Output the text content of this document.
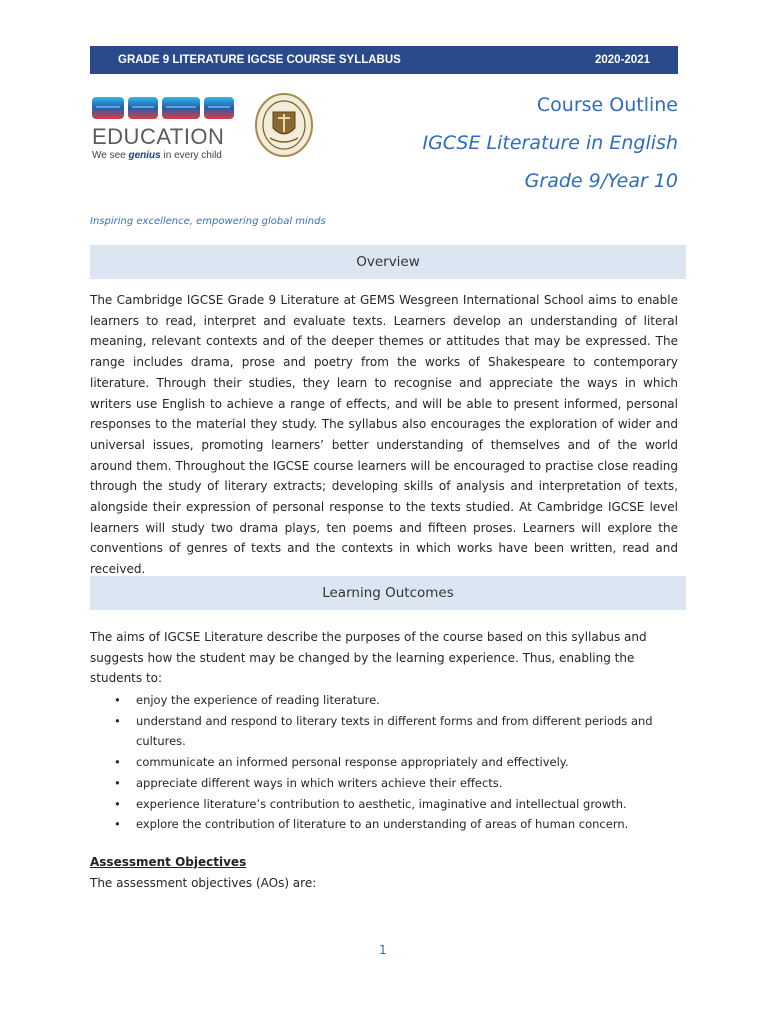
GRADE 9 LITERATURE IGCSE COURSE SYLLABUS	2020-2021
EDUCATION
We see genius in every child
Course Outline
IGCSE Literature in English
Grade 9/Year 10
Inspiring excellence, empowering global minds
Overview

The Cambridge IGCSE Grade 9 Literature at GEMS Wesgreen International School aims to enable learners to read, interpret and evaluate texts. Learners develop an understanding of literal meaning, relevant contexts and of the deeper themes or attitudes that may be expressed. The range includes drama, prose and poetry from the works of Shakespeare to contemporary literature. Through their studies, they learn to recognise and appreciate the ways in which writers use English to achieve a range of effects, and will be able to present informed, personal responses to the material they study. The syllabus also encourages the exploration of wider and universal issues, promoting learners’ better understanding of themselves and of the world around them. Throughout the IGCSE course learners will be encouraged to practise close reading through the study of literary extracts; developing skills of analysis and interpretation of texts, alongside their expression of personal response to the texts studied. At Cambridge IGCSE level learners will study two drama plays, ten poems and fifteen proses. Learners will explore the conventions of genres of texts and the contexts in which works have been written, read and received.

Learning Outcomes

The aims of IGCSE Literature describe the purposes of the course based on this syllabus and suggests how the student may be changed by the learning experience. Thus, enabling the students to:

• enjoy the experience of reading literature.
• understand and respond to literary texts in different forms and from different periods and cultures.
• communicate an informed personal response appropriately and effectively.
• appreciate different ways in which writers achieve their effects.
• experience literature’s contribution to aesthetic, imaginative and intellectual growth.
• explore the contribution of literature to an understanding of areas of human concern.
Assessment Objectives
The assessment objectives (AOs) are:
1
